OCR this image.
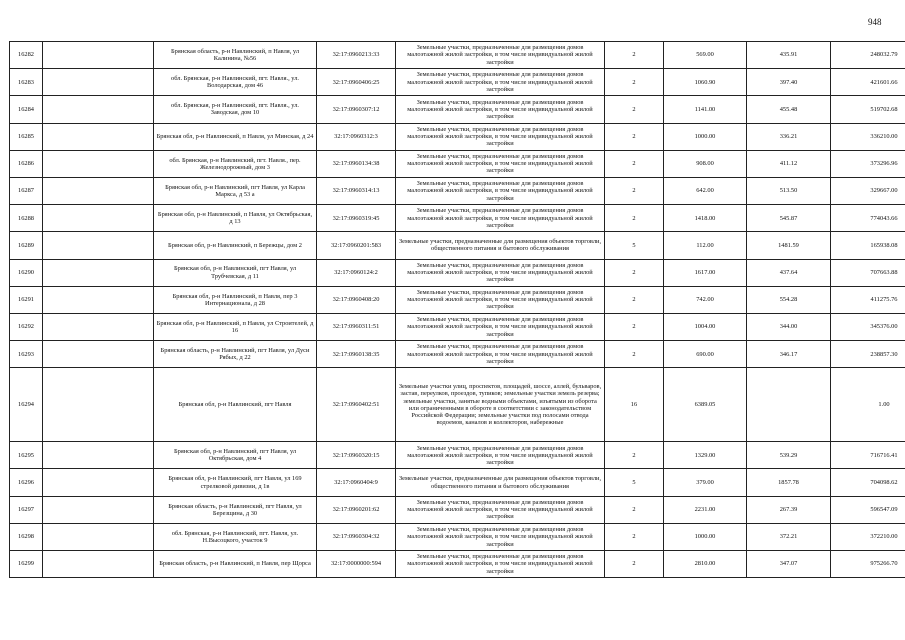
948
16282		Брянская область, р-н Навлинский, п Навля, ул Калинина, №56	32:17:0960213:33	Земельные участки, предназначенные для размещения домов малоэтажной жилой застройки, в том числе индивидуальной жилой застройки	2	569.00	435.91	248032.79
16283		обл. Брянская, р-н Навлинский, пгт. Навля., ул. Володарская, дом 46	32:17:0960406:25	Земельные участки, предназначенные для размещения домов малоэтажной жилой застройки, в том числе индивидуальной жилой застройки	2	1060.90	397.40	421601.66
16284		обл. Брянская, р-н Навлинский, пгт. Навля., ул. Заводская, дом 10	32:17:0960307:12	Земельные участки, предназначенные для размещения домов малоэтажной жилой застройки, в том числе индивидуальной жилой застройки	2	1141.00	455.48	519702.68
16285		Брянская обл, р-н Навлинский, п Навля, ул Минская, д 24	32:17:0960312:3	Земельные участки, предназначенные для размещения домов малоэтажной жилой застройки, в том числе индивидуальной жилой застройки	2	1000.00	336.21	336210.00
16286		обл. Брянская, р-н Навлинский, пгт. Навля., пер. Железнодорожный, дом 3	32:17:0960134:38	Земельные участки, предназначенные для размещения домов малоэтажной жилой застройки, в том числе индивидуальной жилой застройки	2	908.00	411.12	373296.96
16287		Брянская обл, р-н Навлинский, пгт Навля, ул Карла Маркса, д 53 а	32:17:0960314:13	Земельные участки, предназначенные для размещения домов малоэтажной жилой застройки, в том числе индивидуальной жилой застройки	2	642.00	513.50	329667.00
16288		Брянская обл, р-н Навлинский, п Навля, ул Октябрьская, д 13	32:17:0960319:45	Земельные участки, предназначенные для размещения домов малоэтажной жилой застройки, в том числе индивидуальной жилой застройки	2	1418.00	545.87	774043.66
16289		Брянская обл, р-н Навлинский, п Бережцы, дом 2	32:17:0960201:583	Земельные участки, предназначенные для размещения объектов торговли, общественного питания и бытового обслуживания	5	112.00	1481.59	165938.08
16290		Брянская обл, р-н Навлинский, пгт Навля, ул Трубчевская, д 11	32:17:0960124:2	Земельные участки, предназначенные для размещения домов малоэтажной жилой застройки, в том числе индивидуальной жилой застройки	2	1617.00	437.64	707663.88
16291		Брянская обл, р-н Навлинский, п Навля, пер 3 Интернационала, д 28	32:17:0960408:20	Земельные участки, предназначенные для размещения домов малоэтажной жилой застройки, в том числе индивидуальной жилой застройки	2	742.00	554.28	411275.76
16292		Брянская обл, р-н Навлинский, п Навля, ул Строителей, д 16	32:17:0960311:51	Земельные участки, предназначенные для размещения домов малоэтажной жилой застройки, в том числе индивидуальной жилой застройки	2	1004.00	344.00	345376.00
16293		Брянская область, р-н Навлинский, пгт Навля, ул Дуси Рябых, д 22	32:17:0960138:35	Земельные участки, предназначенные для размещения домов малоэтажной жилой застройки, в том числе индивидуальной жилой застройки	2	690.00	346.17	238857.30
16294		Брянская обл, р-н Навлинский, пгт Навля	32:17:0960402:51	Земельные участки улиц, проспектов, площадей, шоссе, аллей, бульваров, застав, переулков, проездов, тупиков; земельные участки земель резерва; земельные участки, занятые водными объектами, изъятыми из оборота или ограниченными в обороте в соответствии с законодательством Российской Федерации; земельные участки под полосами отвода водоемов, каналов и коллекторов, набережные	16	6389.05		1.00
16295		Брянская обл, р-н Навлинский, пгт Навля, ул Октябрьская, дом 4	32:17:0960320:15	Земельные участки, предназначенные для размещения домов малоэтажной жилой застройки, в том числе индивидуальной жилой застройки	2	1329.00	539.29	716716.41
16296		Брянская обл, р-н Навлинский, пгт Навля, ул 169 стрелковой дивизии, д 1в	32:17:0960404:9	Земельные участки, предназначенные для размещения объектов торговли, общественного питания и бытового обслуживания	5	379.00	1857.78	704098.62
16297		Брянская область, р-н Навлинский, пгт Навля, ул Березщина, д 30	32:17:0960201:62	Земельные участки, предназначенные для размещения домов малоэтажной жилой застройки, в том числе индивидуальной жилой застройки	2	2231.00	267.39	596547.09
16298		обл. Брянская, р-н Навлинский, пгт. Навля, ул. Н.Высоцкого, участок 9	32:17:0960304:32	Земельные участки, предназначенные для размещения домов малоэтажной жилой застройки, в том числе индивидуальной жилой застройки	2	1000.00	372.21	372210.00
16299		Брянская область, р-н Навлинский, п Навля, пер Щорса	32:17:0000000:594	Земельные участки, предназначенные для размещения домов малоэтажной жилой застройки, в том числе индивидуальной жилой застройки	2	2810.00	347.07	975266.70
